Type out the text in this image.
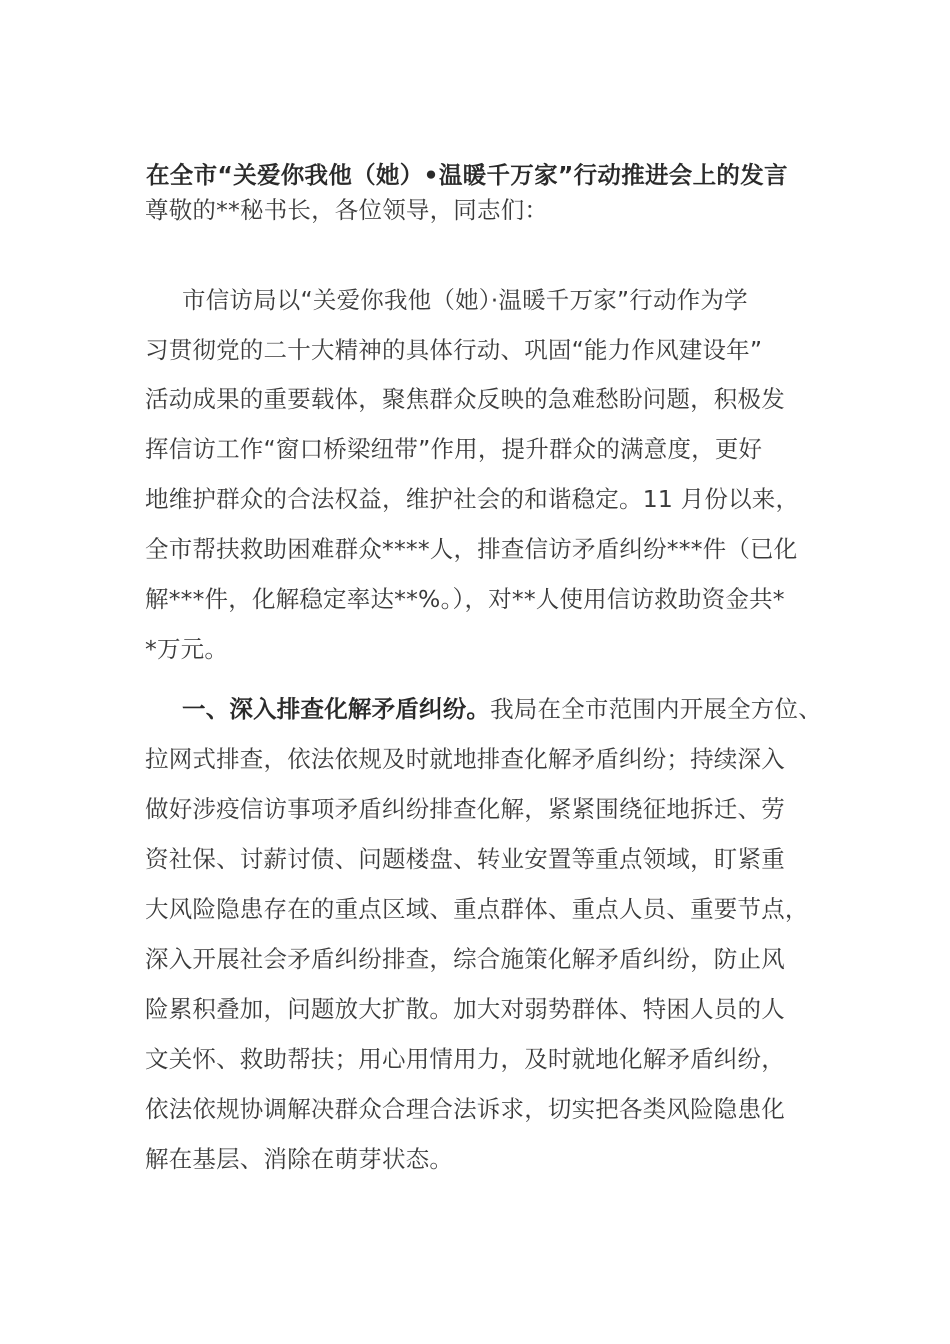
在全市“关爱你我他（她）•温暖千万家”行动推进会上的发言
尊敬的**秘书长，各位领导，同志们：
市信访局以“关爱你我他（她）·温暖千万家”行动作为学
习贯彻党的二十大精神的具体行动、巩固“能力作风建设年”
活动成果的重要载体，聚焦群众反映的急难愁盼问题，积极发
挥信访工作“窗口桥梁纽带”作用，提升群众的满意度，更好
地维护群众的合法权益，维护社会的和谐稳定。11 月份以来，
全市帮扶救助困难群众****人，排查信访矛盾纠纷***件（已化
解***件，化解稳定率达**%。），对**人使用信访救助资金共*
*万元。
一、深入排查化解矛盾纠纷。我局在全市范围内开展全方位、
拉网式排查，依法依规及时就地排查化解矛盾纠纷；持续深入
做好涉疫信访事项矛盾纠纷排查化解，紧紧围绕征地拆迁、劳
资社保、讨薪讨债、问题楼盘、转业安置等重点领域，盯紧重
大风险隐患存在的重点区域、重点群体、重点人员、重要节点，
深入开展社会矛盾纠纷排查，综合施策化解矛盾纠纷，防止风
险累积叠加，问题放大扩散。加大对弱势群体、特困人员的人
文关怀、救助帮扶；用心用情用力，及时就地化解矛盾纠纷，
依法依规协调解决群众合理合法诉求，切实把各类风险隐患化
解在基层、消除在萌芽状态。
